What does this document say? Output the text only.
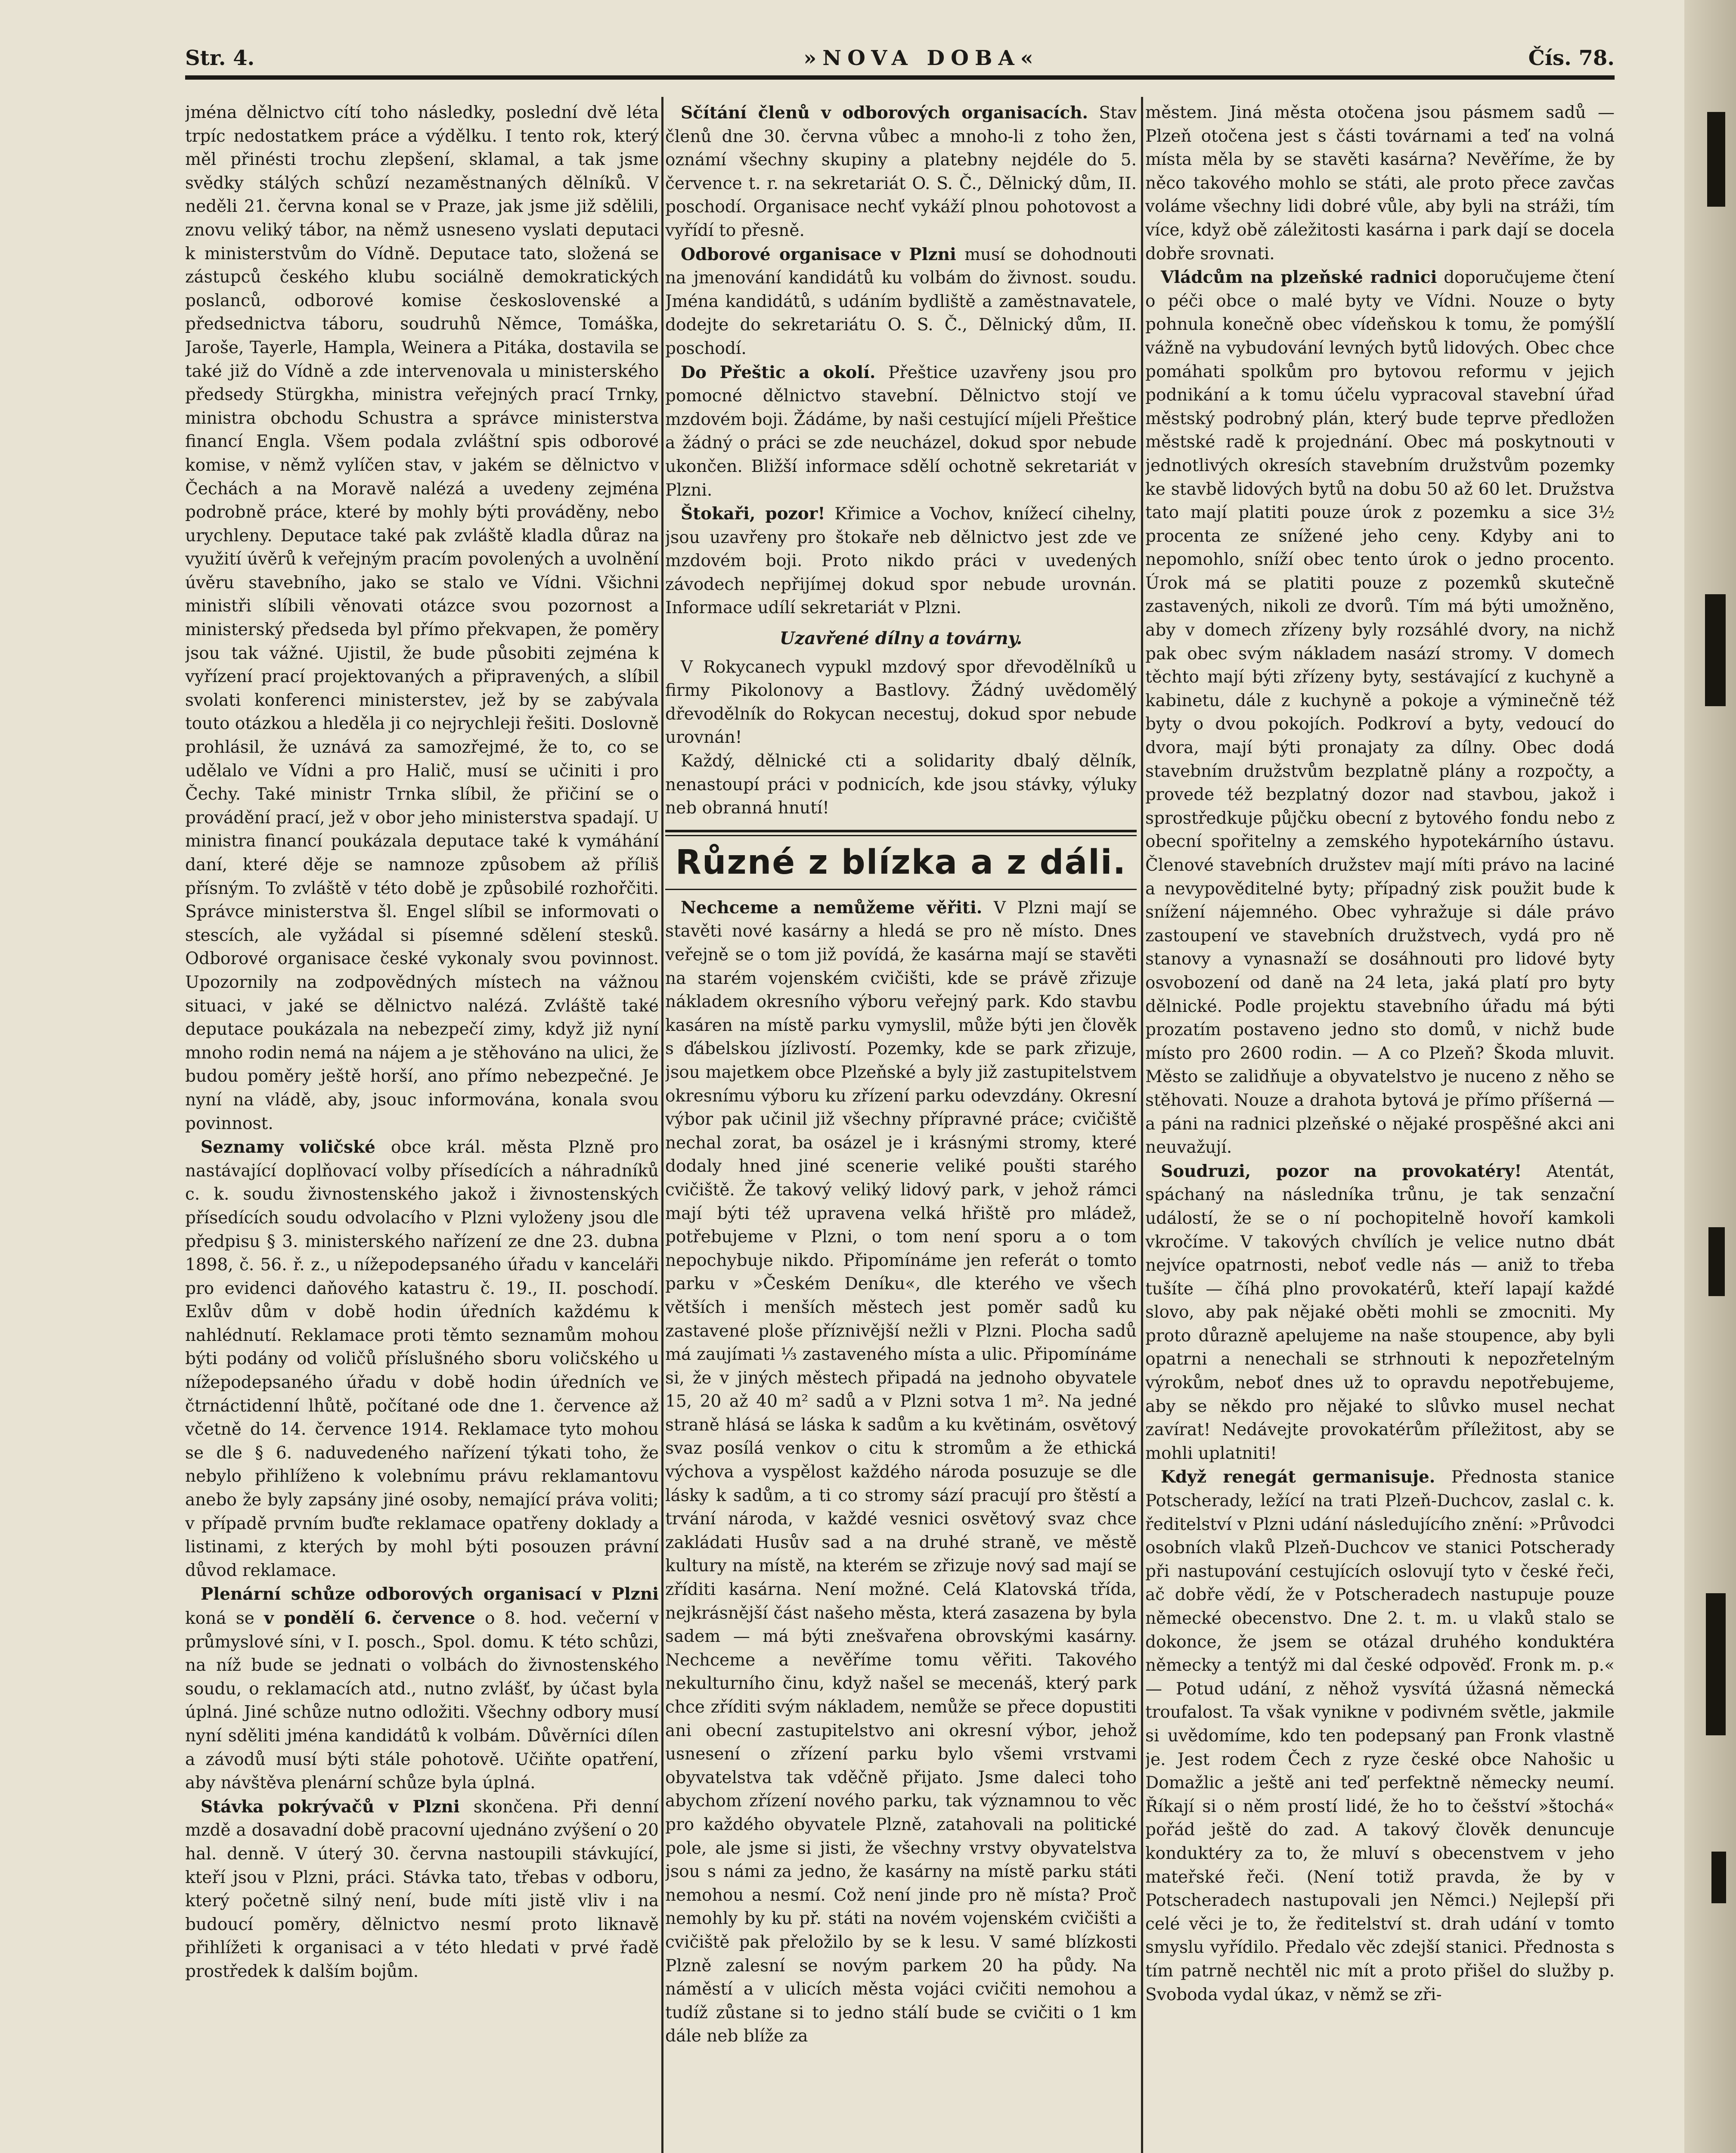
Str. 4.	»NOVA DOBA«	Čís. 78.

jména dělnictvo cítí toho následky, poslední dvě léta trpíc nedostatkem práce a výdělku. I tento rok, který měl přinésti trochu zlepšení, sklamal, a tak jsme svědky stálých schůzí nezaměstnaných dělníků. V neděli 21. června konal se v Praze, jak jsme již sdělili, znovu veliký tábor, na němž usneseno vyslati deputaci k ministerstvům do Vídně. Deputace tato, složená se zástupců českého klubu sociálně demokratických poslanců, odborové komise československé a předsednictva táboru, soudruhů Němce, Tomáška, Jaroše, Tayerle, Hampla, Weinera a Pitáka, dostavila se také již do Vídně a zde intervenovala u ministerského předsedy Stürgkha, ministra veřejných prací Trnky, ministra obchodu Schustra a správce ministerstva financí Engla. Všem podala zvláštní spis odborové komise, v němž vylíčen stav, v jakém se dělnictvo v Čechách a na Moravě nalézá a uvedeny zejména podrobně práce, které by mohly býti prováděny, nebo urychleny. Deputace také pak zvláště kladla důraz na využití úvěrů k veřejným pracím povolených a uvolnění úvěru stavebního, jako se stalo ve Vídni. Všichni ministři slíbili věnovati otázce svou pozornost a ministerský předseda byl přímo překvapen, že poměry jsou tak vážné. Ujistil, že bude působiti zejména k vyřízení prací projektovaných a připravených, a slíbil svolati konferenci ministerstev, jež by se zabývala touto otázkou a hleděla ji co nejrychleji řešiti. Doslovně prohlásil, že uznává za samozřejmé, že to, co se udělalo ve Vídni a pro Halič, musí se učiniti i pro Čechy. Také ministr Trnka slíbil, že přičiní se o provádění prací, jež v obor jeho ministerstva spadají. U ministra financí poukázala deputace také k vymáhání daní, které děje se namnoze způsobem až příliš přísným. To zvláště v této době je způsobilé rozhořčiti. Správce ministerstva šl. Engel slíbil se informovati o stescích, ale vyžádal si písemné sdělení stesků. Odborové organisace české vykonaly svou povinnost. Upozornily na zodpovědných místech na vážnou situaci, v jaké se dělnictvo nalézá. Zvláště také deputace poukázala na nebezpečí zimy, když již nyní mnoho rodin nemá na nájem a je stěhováno na ulici, že budou poměry ještě horší, ano přímo nebezpečné. Je nyní na vládě, aby, jsouc informována, konala svou povinnost.

Seznamy voličské obce král. města Plzně pro nastávající doplňovací volby přísedících a náhradníků c. k. soudu živnostenského jakož i živnostenských přísedících soudu odvolacího v Plzni vyloženy jsou dle předpisu § 3. ministerského nařízení ze dne 23. dubna 1898, č. 56. ř. z., u nížepodepsaného úřadu v kanceláři pro evidenci daňového katastru č. 19., II. poschodí. Exlův dům v době hodin úředních každému k nahlédnutí. Reklamace proti těmto seznamům mohou býti podány od voličů příslušného sboru voličského u nížepodepsaného úřadu v době hodin úředních ve čtrnáctidenní lhůtě, počítané ode dne 1. července až včetně do 14. července 1914. Reklamace tyto mohou se dle § 6. naduvedeného nařízení týkati toho, že nebylo přihlíženo k volebnímu právu reklamantovu anebo že byly zapsány jiné osoby, nemající práva voliti; v případě prvním buďte reklamace opatřeny doklady a listinami, z kterých by mohl býti posouzen právní důvod reklamace.

Plenární schůze odborových organisací v Plzni koná se v pondělí 6. července o 8. hod. večerní v průmyslové síni, v I. posch., Spol. domu. K této schůzi, na níž bude se jednati o volbách do živnostenského soudu, o reklamacích atd., nutno zvlášť, by účast byla úplná. Jiné schůze nutno odložiti. Všechny odbory musí nyní sděliti jména kandidátů k volbám. Důvěrníci dílen a závodů musí býti stále pohotově. Učiňte opatření, aby návštěva plenární schůze byla úplná.

Stávka pokrývačů v Plzni skončena. Při denní mzdě a dosavadní době pracovní ujednáno zvýšení o 20 hal. denně. V úterý 30. června nastoupili stávkující, kteří jsou v Plzni, práci. Stávka tato, třebas v odboru, který početně silný není, bude míti jistě vliv i na budoucí poměry, dělnictvo nesmí proto liknavě přihlížeti k organisaci a v této hledati v prvé řadě prostředek k dalším bojům.

Sčítání členů v odborových organisacích. Stav členů dne 30. června vůbec a mnoho-li z toho žen, oznámí všechny skupiny a platebny nejdéle do 5. července t. r. na sekretariát O. S. Č., Dělnický dům, II. poschodí. Organisace nechť vykáží plnou pohotovost a vyřídí to přesně.

Odborové organisace v Plzni musí se dohodnouti na jmenování kandidátů ku volbám do živnost. soudu. Jména kandidátů, s udáním bydliště a zaměstnavatele, dodejte do sekretariátu O. S. Č., Dělnický dům, II. poschodí.

Do Přeštic a okolí. Přeštice uzavřeny jsou pro pomocné dělnictvo stavební. Dělnictvo stojí ve mzdovém boji. Žádáme, by naši cestující míjeli Přeštice a žádný o práci se zde neucházel, dokud spor nebude ukončen. Bližší informace sdělí ochotně sekretariát v Plzni.

Štokaři, pozor! Křimice a Vochov, knížecí cihelny, jsou uzavřeny pro štokaře neb dělnictvo jest zde ve mzdovém boji. Proto nikdo práci v uvedených závodech nepřijímej dokud spor nebude urovnán. Informace udílí sekretariát v Plzni.

Uzavřené dílny a továrny.

V Rokycanech vypukl mzdový spor dřevodělníků u firmy Pikolonovy a Bastlovy. Žádný uvědomělý dřevodělník do Rokycan necestuj, dokud spor nebude urovnán!

Každý, dělnické cti a solidarity dbalý dělník, nenastoupí práci v podnicích, kde jsou stávky, výluky neb obranná hnutí!

Různé z blízka a z dáli.

Nechceme a nemůžeme věřiti. V Plzni mají se stavěti nové kasárny a hledá se pro ně místo. Dnes veřejně se o tom již povídá, že kasárna mají se stavěti na starém vojenském cvičišti, kde se právě zřizuje nákladem okresního výboru veřejný park. Kdo stavbu kasáren na místě parku vymyslil, může býti jen člověk s ďábelskou jízlivostí. Pozemky, kde se park zřizuje, jsou majetkem obce Plzeňské a byly již zastupitelstvem okresnímu výboru ku zřízení parku odevzdány. Okresní výbor pak učinil již všechny přípravné práce; cvičiště nechal zorat, ba osázel je i krásnými stromy, které dodaly hned jiné scenerie veliké poušti starého cvičiště. Že takový veliký lidový park, v jehož rámci mají býti též upravena velká hřiště pro mládež, potřebujeme v Plzni, o tom není sporu a o tom nepochybuje nikdo. Připomínáme jen referát o tomto parku v »Českém Deníku«, dle kterého ve všech větších i menších městech jest poměr sadů ku zastavené ploše příznivější nežli v Plzni. Plocha sadů má zaujímati ⅓ zastaveného místa a ulic. Připomínáme si, že v jiných městech připadá na jednoho obyvatele 15, 20 až 40 m² sadů a v Plzni sotva 1 m². Na jedné straně hlásá se láska k sadům a ku květinám, osvětový svaz posílá venkov o citu k stromům a že ethická výchova a vyspělost každého národa posuzuje se dle lásky k sadům, a ti co stromy sází pracují pro štěstí a trvání národa, v každé vesnici osvětový svaz chce zakládati Husův sad a na druhé straně, ve městě kultury na místě, na kterém se zřizuje nový sad mají se zříditi kasárna. Není možné. Celá Klatovská třída, nejkrásnější část našeho města, která zasazena by byla sadem — má býti znešvařena obrovskými kasárny. Nechceme a nevěříme tomu věřiti. Takového nekulturního činu, když našel se mecenáš, který park chce zříditi svým nákladem, nemůže se přece dopustiti ani obecní zastupitelstvo ani okresní výbor, jehož usnesení o zřízení parku bylo všemi vrstvami obyvatelstva tak vděčně přijato. Jsme daleci toho abychom zřízení nového parku, tak významnou to věc pro každého obyvatele Plzně, zatahovali na politické pole, ale jsme si jisti, že všechny vrstvy obyvatelstva jsou s námi za jedno, že kasárny na místě parku státi nemohou a nesmí. Což není jinde pro ně místa? Proč nemohly by ku př. státi na novém vojenském cvičišti a cvičiště pak přeložilo by se k lesu. V samé blízkosti Plzně zalesní se novým parkem 20 ha půdy. Na náměstí a v ulicích města vojáci cvičiti nemohou a tudíž zůstane si to jedno stálí bude se cvičiti o 1 km dále neb blíže za

městem. Jiná města otočena jsou pásmem sadů — Plzeň otočena jest s části továrnami a teď na volná místa měla by se stavěti kasárna? Nevěříme, že by něco takového mohlo se státi, ale proto přece zavčas voláme všechny lidi dobré vůle, aby byli na stráži, tím více, když obě záležitosti kasárna i park dají se docela dobře srovnati.

Vládcům na plzeňské radnici doporučujeme čtení o péči obce o malé byty ve Vídni. Nouze o byty pohnula konečně obec vídeňskou k tomu, že pomýšlí vážně na vybudování levných bytů lidových. Obec chce pomáhati spolkům pro bytovou reformu v jejich podnikání a k tomu účelu vypracoval stavební úřad městský podrobný plán, který bude teprve předložen městské radě k projednání. Obec má poskytnouti v jednotlivých okresích stavebním družstvům pozemky ke stavbě lidových bytů na dobu 50 až 60 let. Družstva tato mají platiti pouze úrok z pozemku a sice 3½ procenta ze snížené jeho ceny. Kdyby ani to nepomohlo, sníží obec tento úrok o jedno procento. Úrok má se platiti pouze z pozemků skutečně zastavených, nikoli ze dvorů. Tím má býti umožněno, aby v domech zřízeny byly rozsáhlé dvory, na nichž pak obec svým nákladem nasází stromy. V domech těchto mají býti zřízeny byty, sestávající z kuchyně a kabinetu, dále z kuchyně a pokoje a výminečně též byty o dvou pokojích. Podkroví a byty, vedoucí do dvora, mají býti pronajaty za dílny. Obec dodá stavebním družstvům bezplatně plány a rozpočty, a provede též bezplatný dozor nad stavbou, jakož i sprostředkuje půjčku obecní z bytového fondu nebo z obecní spořitelny a zemského hypotekárního ústavu. Členové stavebních družstev mají míti právo na laciné a nevypověditelné byty; případný zisk použit bude k snížení nájemného. Obec vyhražuje si dále právo zastoupení ve stavebních družstvech, vydá pro ně stanovy a vynasnaží se dosáhnouti pro lidové byty osvobození od daně na 24 leta, jaká platí pro byty dělnické. Podle projektu stavebního úřadu má býti prozatím postaveno jedno sto domů, v nichž bude místo pro 2600 rodin. — A co Plzeň? Škoda mluvit. Město se zalidňuje a obyvatelstvo je nuceno z něho se stěhovati. Nouze a drahota bytová je přímo příšerná — a páni na radnici plzeňské o nějaké prospěšné akci ani neuvažují.

Soudruzi, pozor na provokatéry! Atentát, spáchaný na následníka trůnu, je tak senzační událostí, že se o ní pochopitelně hovoří kamkoli vkročíme. V takových chvílích je velice nutno dbát nejvíce opatrnosti, neboť vedle nás — aniž to třeba tušíte — číhá plno provokatérů, kteří lapají každé slovo, aby pak nějaké oběti mohli se zmocniti. My proto důrazně apelujeme na naše stoupence, aby byli opatrni a nenechali se strhnouti k nepozřetelným výrokům, neboť dnes už to opravdu nepotřebujeme, aby se někdo pro nějaké to slůvko musel nechat zavírat! Nedávejte provokatérům příležitost, aby se mohli uplatniti!

Když renegát germanisuje. Přednosta stanice Potscherady, ležící na trati Plzeň-Duchcov, zaslal c. k. ředitelství v Plzni udání následujícího znění: »Průvodci osobních vlaků Plzeň-Duchcov ve stanici Potscherady při nastupování cestujících oslovují tyto v české řeči, ač dobře vědí, že v Potscheradech nastupuje pouze německé obecenstvo. Dne 2. t. m. u vlaků stalo se dokonce, že jsem se otázal druhého konduktéra německy a tentýž mi dal české odpověď. Fronk m. p.« — Potud udání, z něhož vysvítá úžasná německá troufalost. Ta však vynikne v podivném světle, jakmile si uvědomíme, kdo ten podepsaný pan Fronk vlastně je. Jest rodem Čech z ryze české obce Nahošic u Domažlic a ještě ani teď perfektně německy neumí. Říkají si o něm prostí lidé, že ho to češství »štochá« pořád ještě do zad. A takový člověk denuncuje konduktéry za to, že mluví s obecenstvem v jeho mateřské řeči. (Není totiž pravda, že by v Potscheradech nastupovali jen Němci.) Nejlepší při celé věci je to, že ředitelství st. drah udání v tomto smyslu vyřídilo. Předalo věc zdejší stanici. Přednosta s tím patrně nechtěl nic mít a proto přišel do služby p. Svoboda vydal úkaz, v němž se zři-
